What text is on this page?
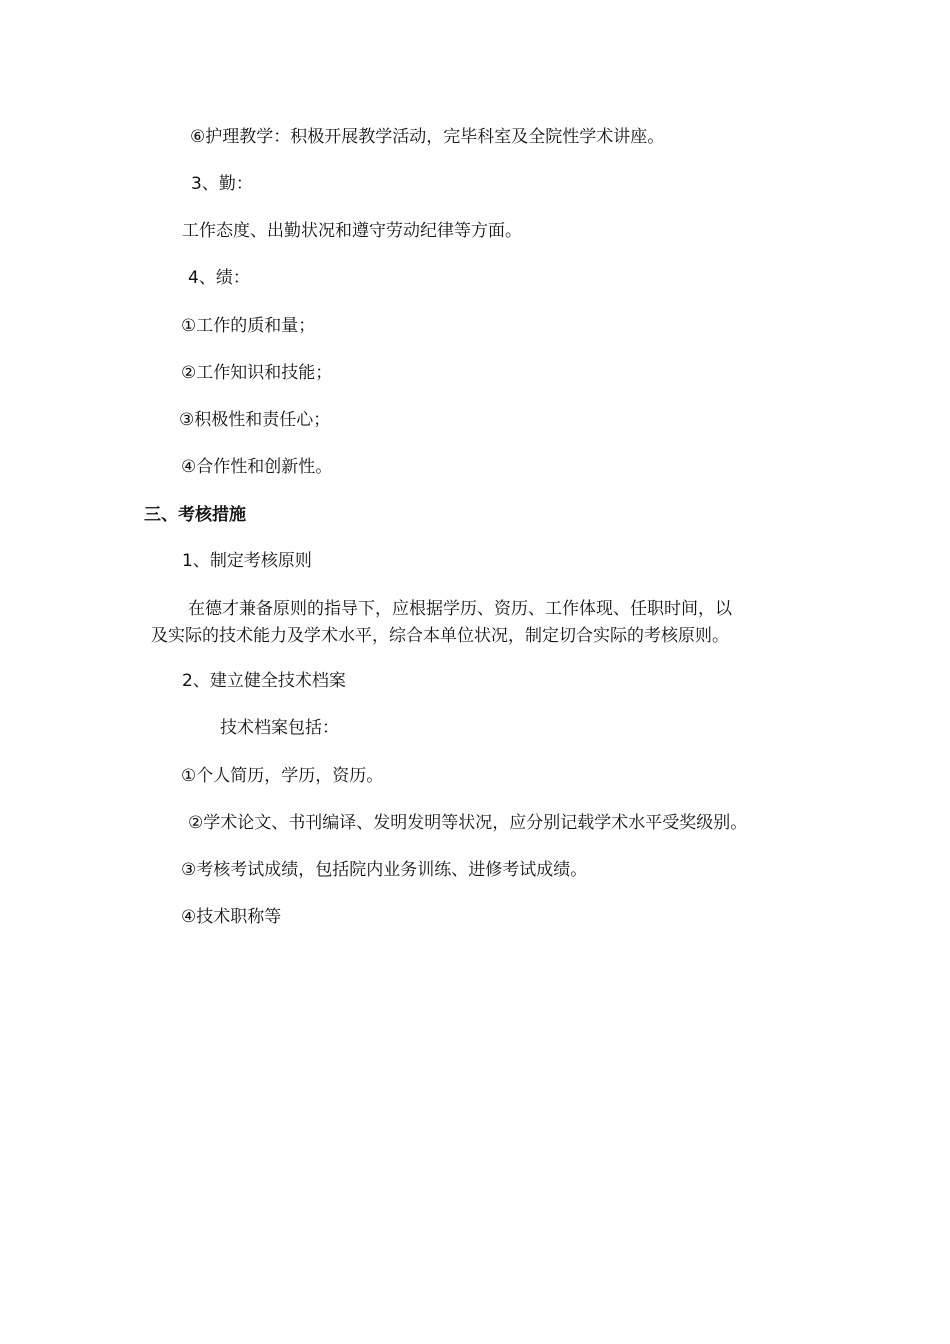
⑥护理教学：积极开展教学活动，完毕科室及全院性学术讲座。
3、勤：
工作态度、出勤状况和遵守劳动纪律等方面。
4、绩：
①工作的质和量；
②工作知识和技能；
③积极性和责任心；
④合作性和创新性。
三、考核措施
1、制定考核原则
在德才兼备原则的指导下，应根据学历、资历、工作体现、任职时间，以
及实际的技术能力及学术水平，综合本单位状况，制定切合实际的考核原则。
2、建立健全技术档案
技术档案包括：
①个人简历，学历，资历。
②学术论文、书刊编译、发明发明等状况，应分别记载学术水平受奖级别。
③考核考试成绩，包括院内业务训练、进修考试成绩。
④技术职称等
